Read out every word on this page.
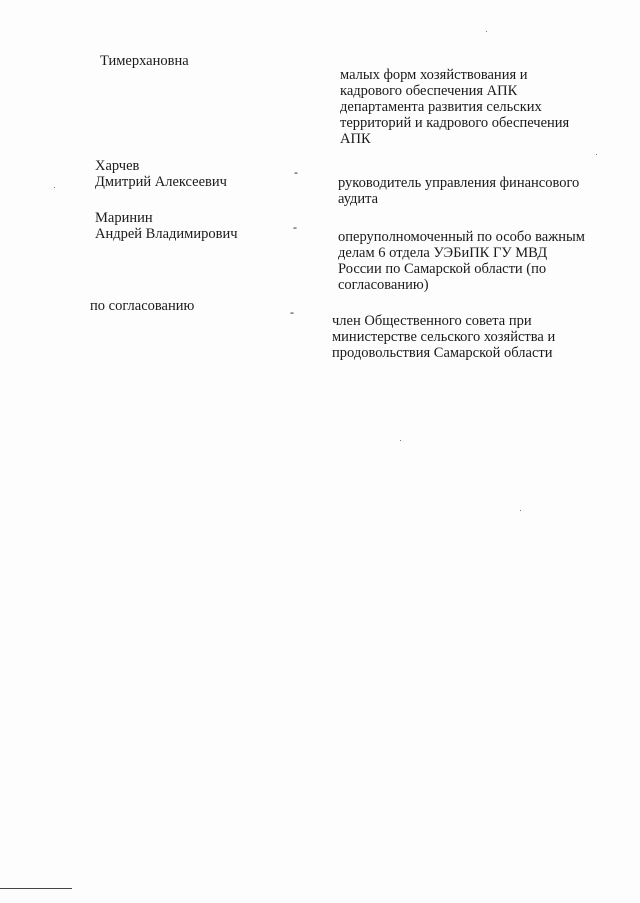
Тимерхановна
малых форм хозяйствования и
кадрового обеспечения АПК
департамента развития сельских
территорий и кадрового обеспечения
АПК
Харчев
Дмитрий Алексеевич
-
руководитель управления финансового
аудита
Маринин
Андрей Владимирович	-
оперуполномоченный по особо важным
делам 6 отдела УЭБиПК ГУ МВД
России по Самарской области (по
согласованию)
по согласованию	-
член Общественного совета при
министерстве сельского хозяйства и
продовольствия Самарской области
